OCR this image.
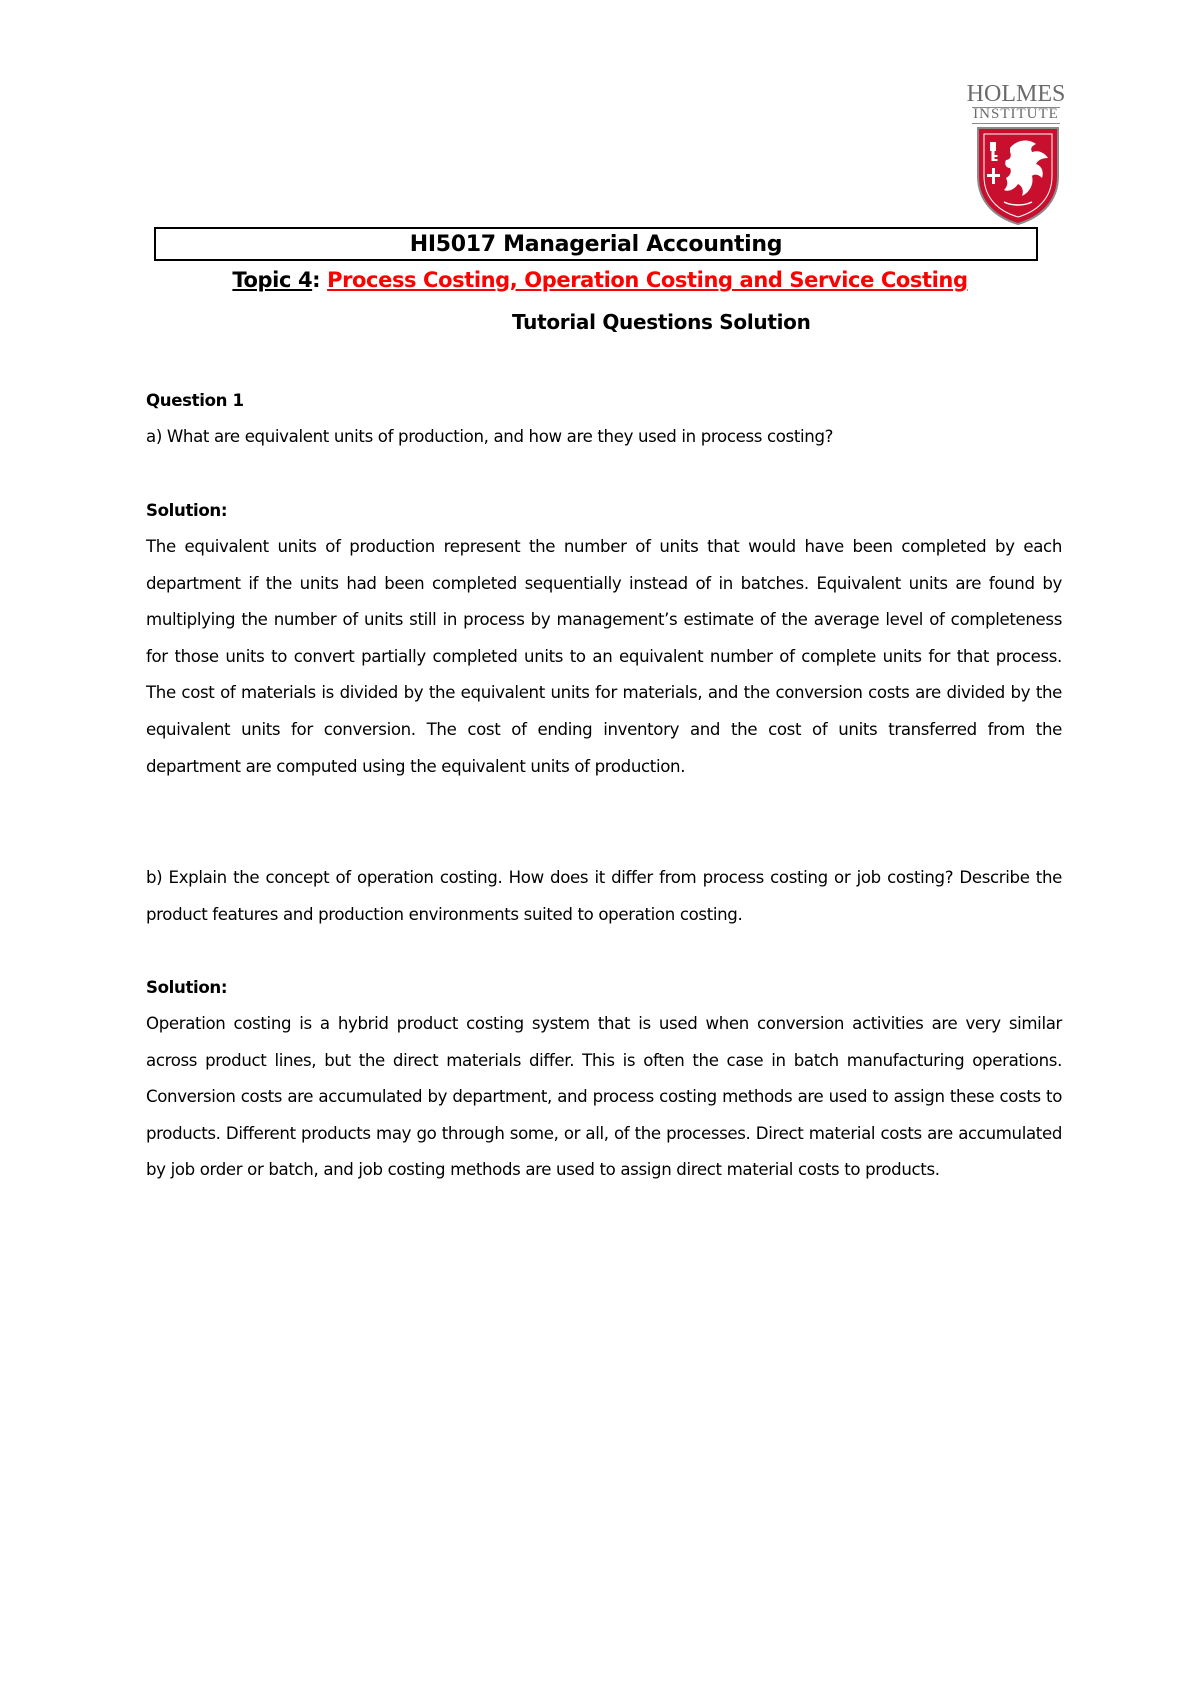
HOLMES
INSTITUTE
HI5017 Managerial Accounting
Topic 4: Process Costing, Operation Costing and Service Costing
Tutorial Questions Solution
Question 1

a) What are equivalent units of production, and how are they used in process costing?

Solution:

The equivalent units of production represent the number of units that would have been completed by each department if the units had been completed sequentially instead of in batches. Equivalent units are found by multiplying the number of units still in process by management’s estimate of the average level of completeness for those units to convert partially completed units to an equivalent number of complete units for that process. The cost of materials is divided by the equivalent units for materials, and the conversion costs are divided by the equivalent units for conversion. The cost of ending inventory and the cost of units transferred from the department are computed using the equivalent units of production.

b) Explain the concept of operation costing. How does it differ from process costing or job costing? Describe the product features and production environments suited to operation costing.

Solution:

Operation costing is a hybrid product costing system that is used when conversion activities are very similar across product lines, but the direct materials differ. This is often the case in batch manufacturing operations. Conversion costs are accumulated by department, and process costing methods are used to assign these costs to products. Different products may go through some, or all, of the processes. Direct material costs are accumulated by job order or batch, and job costing methods are used to assign direct material costs to products.
